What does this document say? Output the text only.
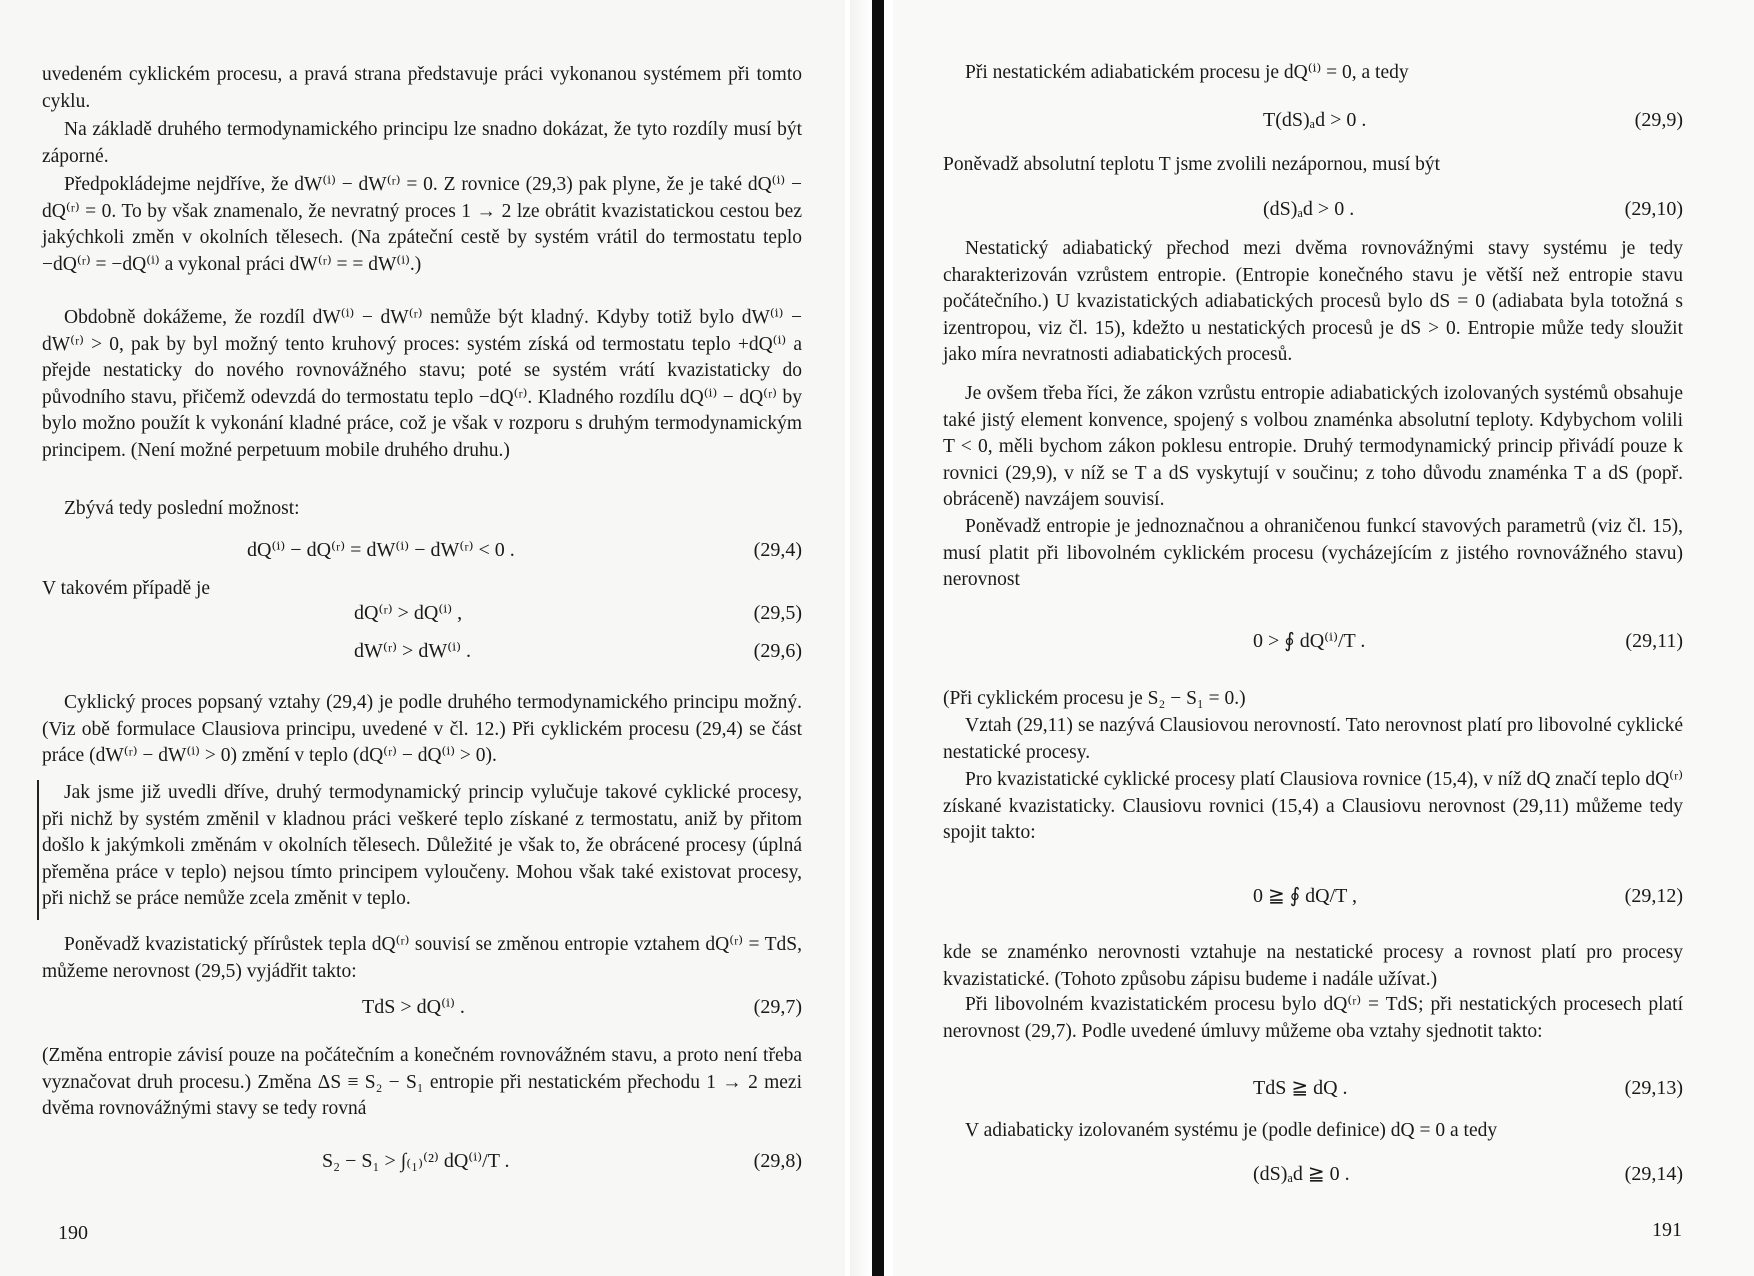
uvedeném cyklickém procesu, a pravá strana představuje práci vykonanou systémem při tomto cyklu.

Na základě druhého termodynamického principu lze snadno dokázat, že tyto rozdíly musí být záporné.

Předpokládejme nejdříve, že dW⁽ⁱ⁾ − dW⁽ʳ⁾ = 0. Z rovnice (29,3) pak plyne, že je také dQ⁽ⁱ⁾ − dQ⁽ʳ⁾ = 0. To by však znamenalo, že nevratný proces 1 → 2 lze obrátit kvazistatickou cestou bez jakýchkoli změn v okolních tělesech. (Na zpáteční cestě by systém vrátil do termostatu teplo −dQ⁽ʳ⁾ = −dQ⁽ⁱ⁾ a vykonal práci dW⁽ʳ⁾ = = dW⁽ⁱ⁾.)

Obdobně dokážeme, že rozdíl dW⁽ⁱ⁾ − dW⁽ʳ⁾ nemůže být kladný. Kdyby totiž bylo dW⁽ⁱ⁾ − dW⁽ʳ⁾ > 0, pak by byl možný tento kruhový proces: systém získá od termostatu teplo +dQ⁽ⁱ⁾ a přejde nestaticky do nového rovnovážného stavu; poté se systém vrátí kvazistaticky do původního stavu, přičemž odevzdá do termostatu teplo −dQ⁽ʳ⁾. Kladného rozdílu dQ⁽ⁱ⁾ − dQ⁽ʳ⁾ by bylo možno použít k vykonání kladné práce, což je však v rozporu s druhým termodynamickým principem. (Není možné perpetuum mobile druhého druhu.)

Zbývá tedy poslední možnost:

dQ⁽ⁱ⁾ − dQ⁽ʳ⁾ = dW⁽ⁱ⁾ − dW⁽ʳ⁾ < 0 .	(29,4)

V takovém případě je

dQ⁽ʳ⁾ > dQ⁽ⁱ⁾ ,	(29,5)
dW⁽ʳ⁾ > dW⁽ⁱ⁾ .	(29,6)

Cyklický proces popsaný vztahy (29,4) je podle druhého termodynamického principu možný. (Viz obě formulace Clausiova principu, uvedené v čl. 12.) Při cyklickém procesu (29,4) se část práce (dW⁽ʳ⁾ − dW⁽ⁱ⁾ > 0) změní v teplo (dQ⁽ʳ⁾ − dQ⁽ⁱ⁾ > 0).

Jak jsme již uvedli dříve, druhý termodynamický princip vylučuje takové cyklické procesy, při nichž by systém změnil v kladnou práci veškeré teplo získané z termostatu, aniž by přitom došlo k jakýmkoli změnám v okolních tělesech. Důležité je však to, že obrácené procesy (úplná přeměna práce v teplo) nejsou tímto principem vyloučeny. Mohou však také existovat procesy, při nichž se práce nemůže zcela změnit v teplo.

Poněvadž kvazistatický přírůstek tepla dQ⁽ʳ⁾ souvisí se změnou entropie vztahem dQ⁽ʳ⁾ = TdS, můžeme nerovnost (29,5) vyjádřit takto:

TdS > dQ⁽ⁱ⁾ .	(29,7)

(Změna entropie závisí pouze na počátečním a konečném rovnovážném stavu, a proto není třeba vyznačovat druh procesu.) Změna ΔS ≡ S₂ − S₁ entropie při nestatickém přechodu 1 → 2 mezi dvěma rovnovážnými stavy se tedy rovná

S₂ − S₁ > ∫₍₁₎⁽²⁾ dQ⁽ⁱ⁾/T .	(29,8)

Při nestatickém adiabatickém procesu je dQ⁽ⁱ⁾ = 0, a tedy

T(dS)ₐd > 0 .	(29,9)

Poněvadž absolutní teplotu T jsme zvolili nezápornou, musí být

(dS)ₐd > 0 .	(29,10)

Nestatický adiabatický přechod mezi dvěma rovnovážnými stavy systému je tedy charakterizován vzrůstem entropie. (Entropie konečného stavu je větší než entropie stavu počátečního.) U kvazistatických adiabatických procesů bylo dS = 0 (adiabata byla totožná s izentropou, viz čl. 15), kdežto u nestatických procesů je dS > 0. Entropie může tedy sloužit jako míra nevratnosti adiabatických procesů.

Je ovšem třeba říci, že zákon vzrůstu entropie adiabatických izolovaných systémů obsahuje také jistý element konvence, spojený s volbou znaménka absolutní teploty. Kdybychom volili T < 0, měli bychom zákon poklesu entropie. Druhý termodynamický princip přivádí pouze k rovnici (29,9), v níž se T a dS vyskytují v součinu; z toho důvodu znaménka T a dS (popř. obráceně) navzájem souvisí.

Poněvadž entropie je jednoznačnou a ohraničenou funkcí stavových parametrů (viz čl. 15), musí platit při libovolném cyklickém procesu (vycházejícím z jistého rovnovážného stavu) nerovnost

0 > ∮ dQ⁽ⁱ⁾/T .	(29,11)

(Při cyklickém procesu je S₂ − S₁ = 0.)

Vztah (29,11) se nazývá Clausiovou nerovností. Tato nerovnost platí pro libovolné cyklické nestatické procesy.

Pro kvazistatické cyklické procesy platí Clausiova rovnice (15,4), v níž dQ značí teplo dQ⁽ʳ⁾ získané kvazistaticky. Clausiovu rovnici (15,4) a Clausiovu nerovnost (29,11) můžeme tedy spojit takto:

0 ≧ ∮ dQ/T ,	(29,12)

kde se znaménko nerovnosti vztahuje na nestatické procesy a rovnost platí pro procesy kvazistatické. (Tohoto způsobu zápisu budeme i nadále užívat.)

Při libovolném kvazistatickém procesu bylo dQ⁽ʳ⁾ = TdS; při nestatických procesech platí nerovnost (29,7). Podle uvedené úmluvy můžeme oba vztahy sjednotit takto:

TdS ≧ dQ .	(29,13)

V adiabaticky izolovaném systému je (podle definice) dQ = 0 a tedy

(dS)ₐd ≧ 0 .	(29,14)
190	191
